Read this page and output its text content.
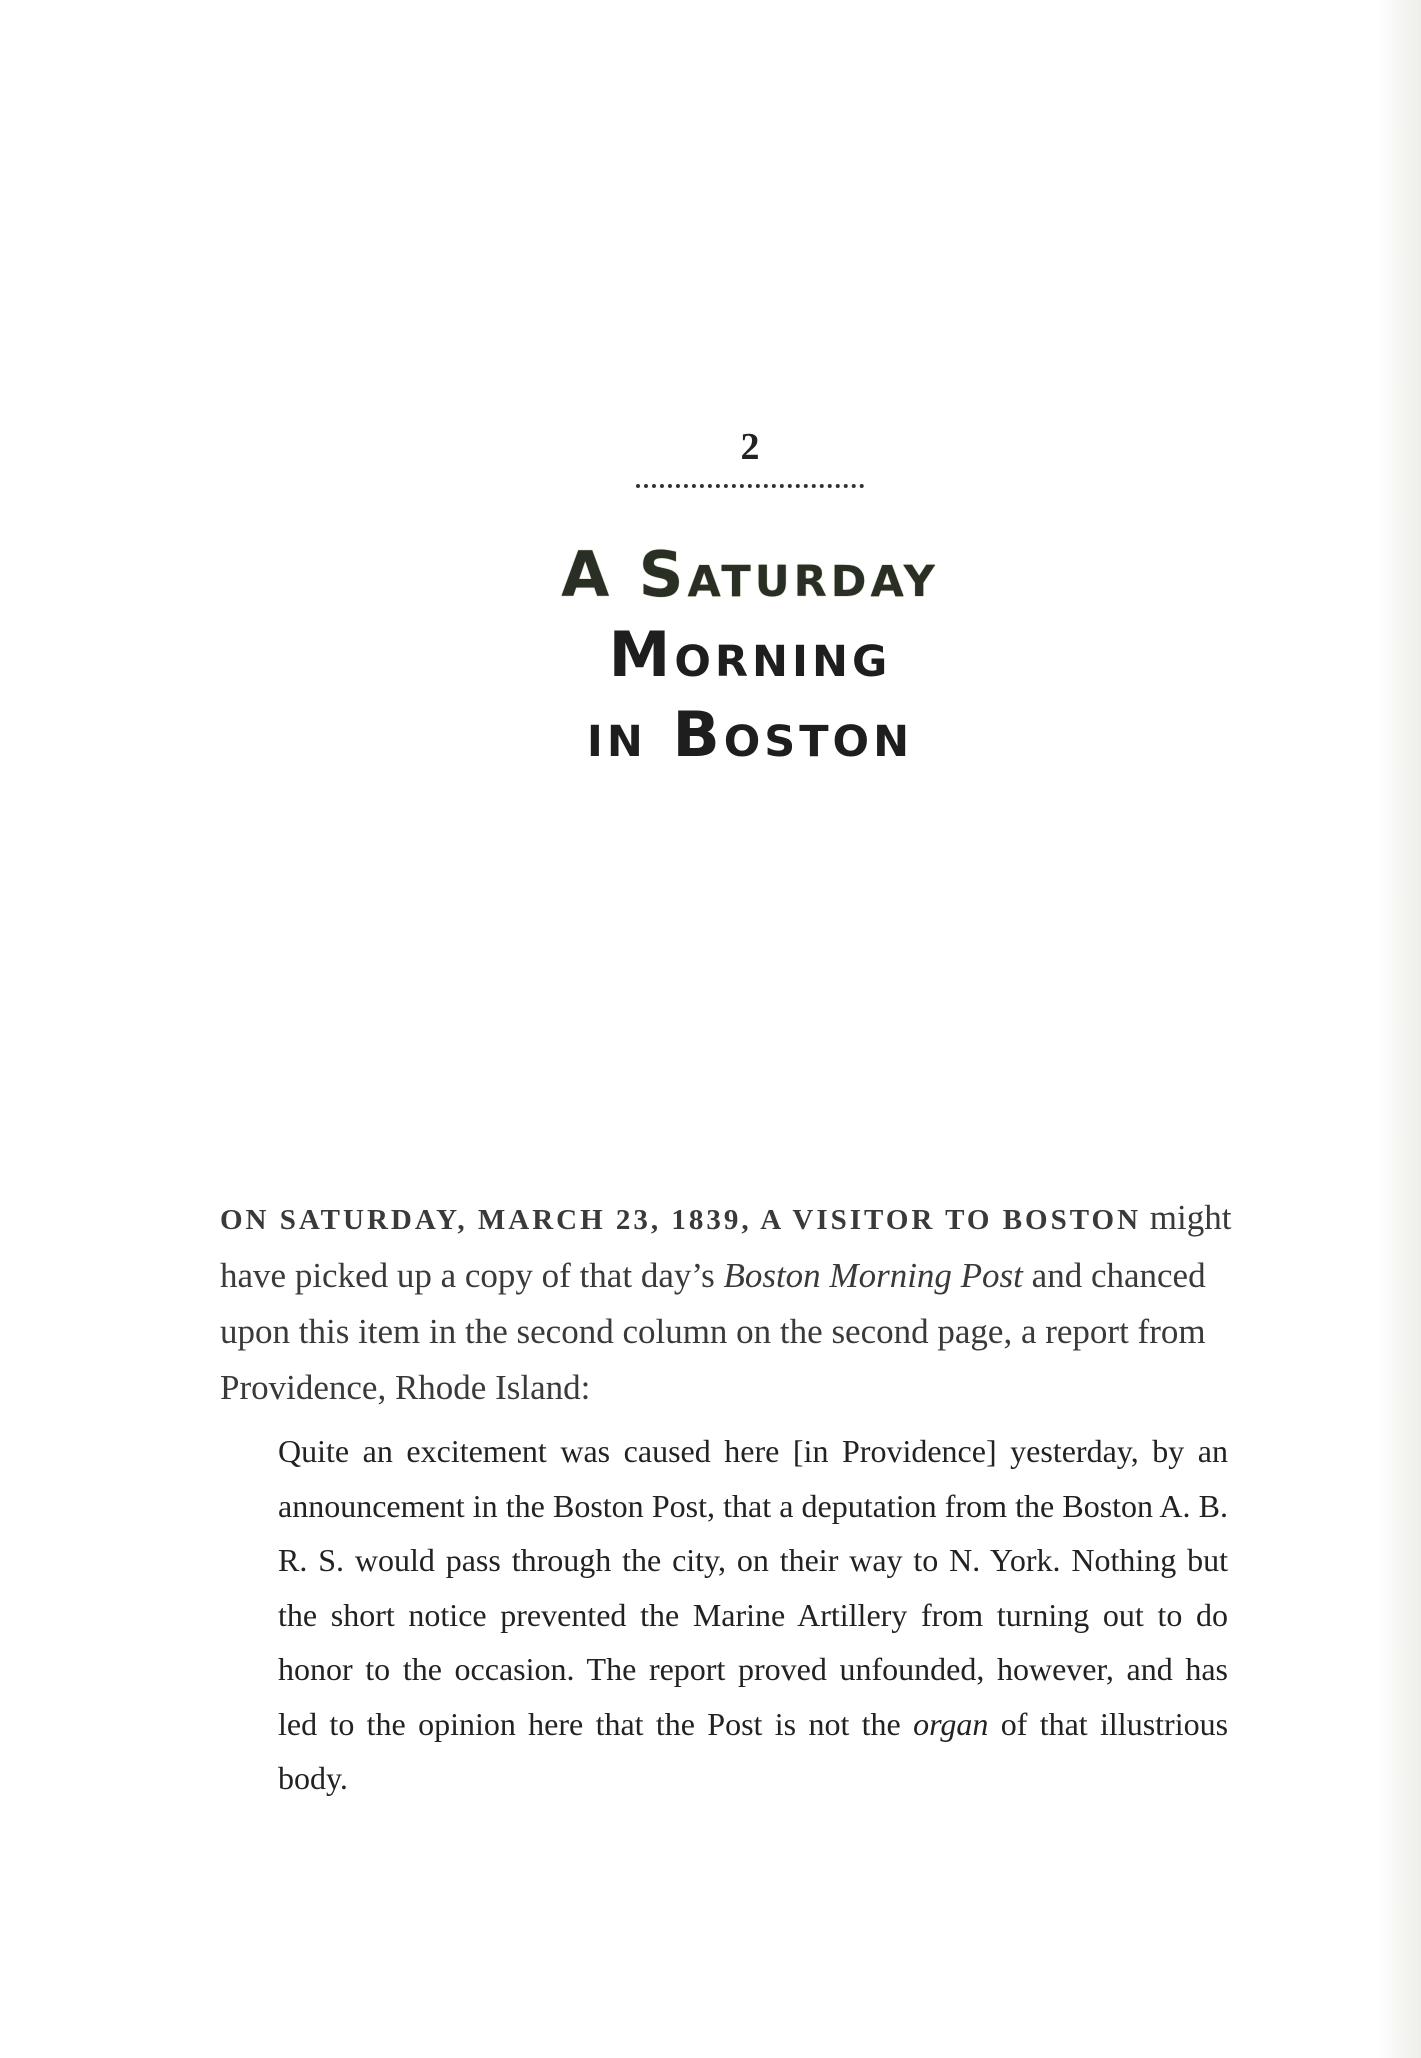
2
A Saturday
Morning
in Boston
ON SATURDAY, MARCH 23, 1839, A VISITOR TO BOSTON might have picked up a copy of that day’s Boston Morning Post and chanced upon this item in the second column on the second page, a report from Providence, Rhode Island:
Quite an excitement was caused here [in Providence] yesterday, by an announcement in the Boston Post, that a deputation from the Boston A. B. R. S. would pass through the city, on their way to N. York. Nothing but the short notice prevented the Marine Artillery from turning out to do honor to the occasion. The report proved unfounded, however, and has led to the opinion here that the Post is not the organ of that illustrious body.
